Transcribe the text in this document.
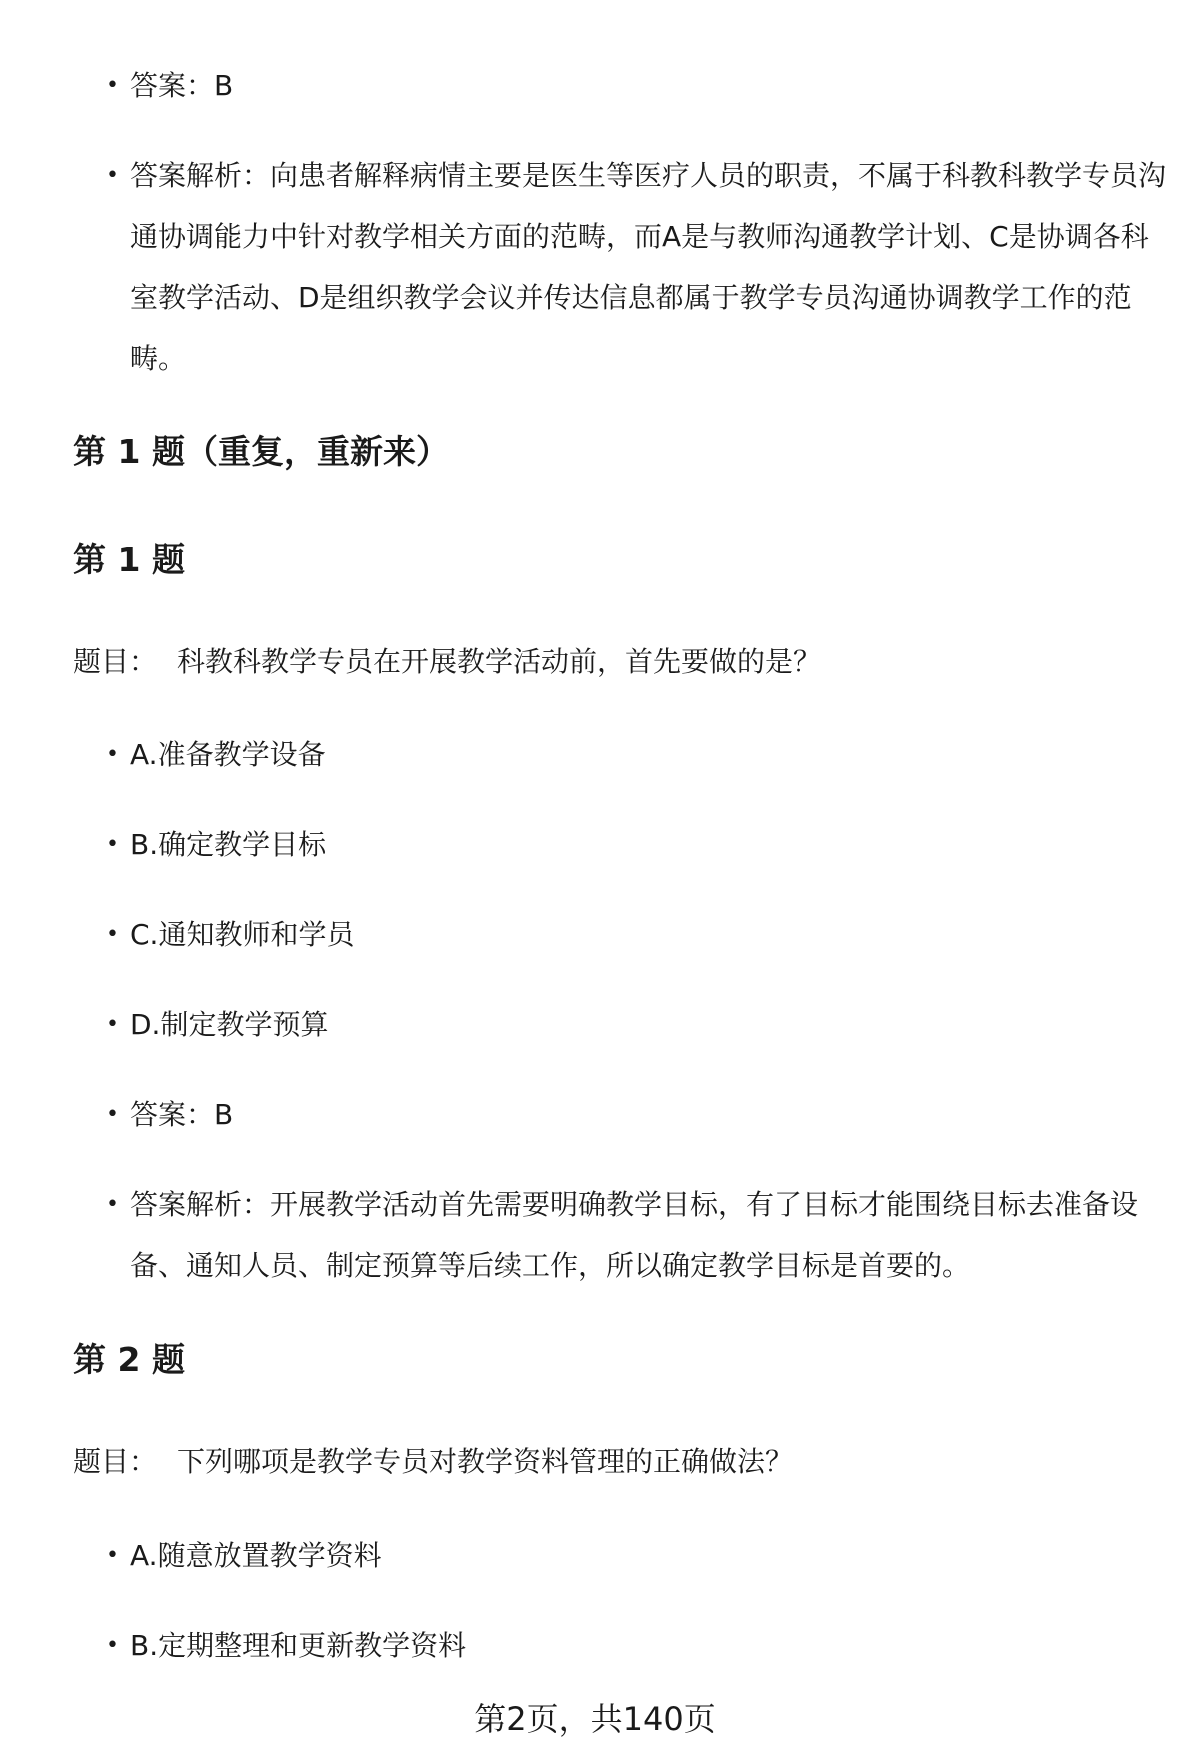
• 答案：B
• 答案解析：向患者解释病情主要是医生等医疗人员的职责，不属于科教科教学专员沟通协调能力中针对教学相关方面的范畴，而A是与教师沟通教学计划、C是协调各科室教学活动、D是组织教学会议并传达信息都属于教学专员沟通协调教学工作的范畴。
第 1 题（重复，重新来）
第 1 题
题目： 科教科教学专员在开展教学活动前，首先要做的是？
• A.准备教学设备
• B.确定教学目标
• C.通知教师和学员
• D.制定教学预算
• 答案：B
• 答案解析：开展教学活动首先需要明确教学目标，有了目标才能围绕目标去准备设备、通知人员、制定预算等后续工作，所以确定教学目标是首要的。
第 2 题
题目： 下列哪项是教学专员对教学资料管理的正确做法？
• A.随意放置教学资料
• B.定期整理和更新教学资料
第2页，共140页
